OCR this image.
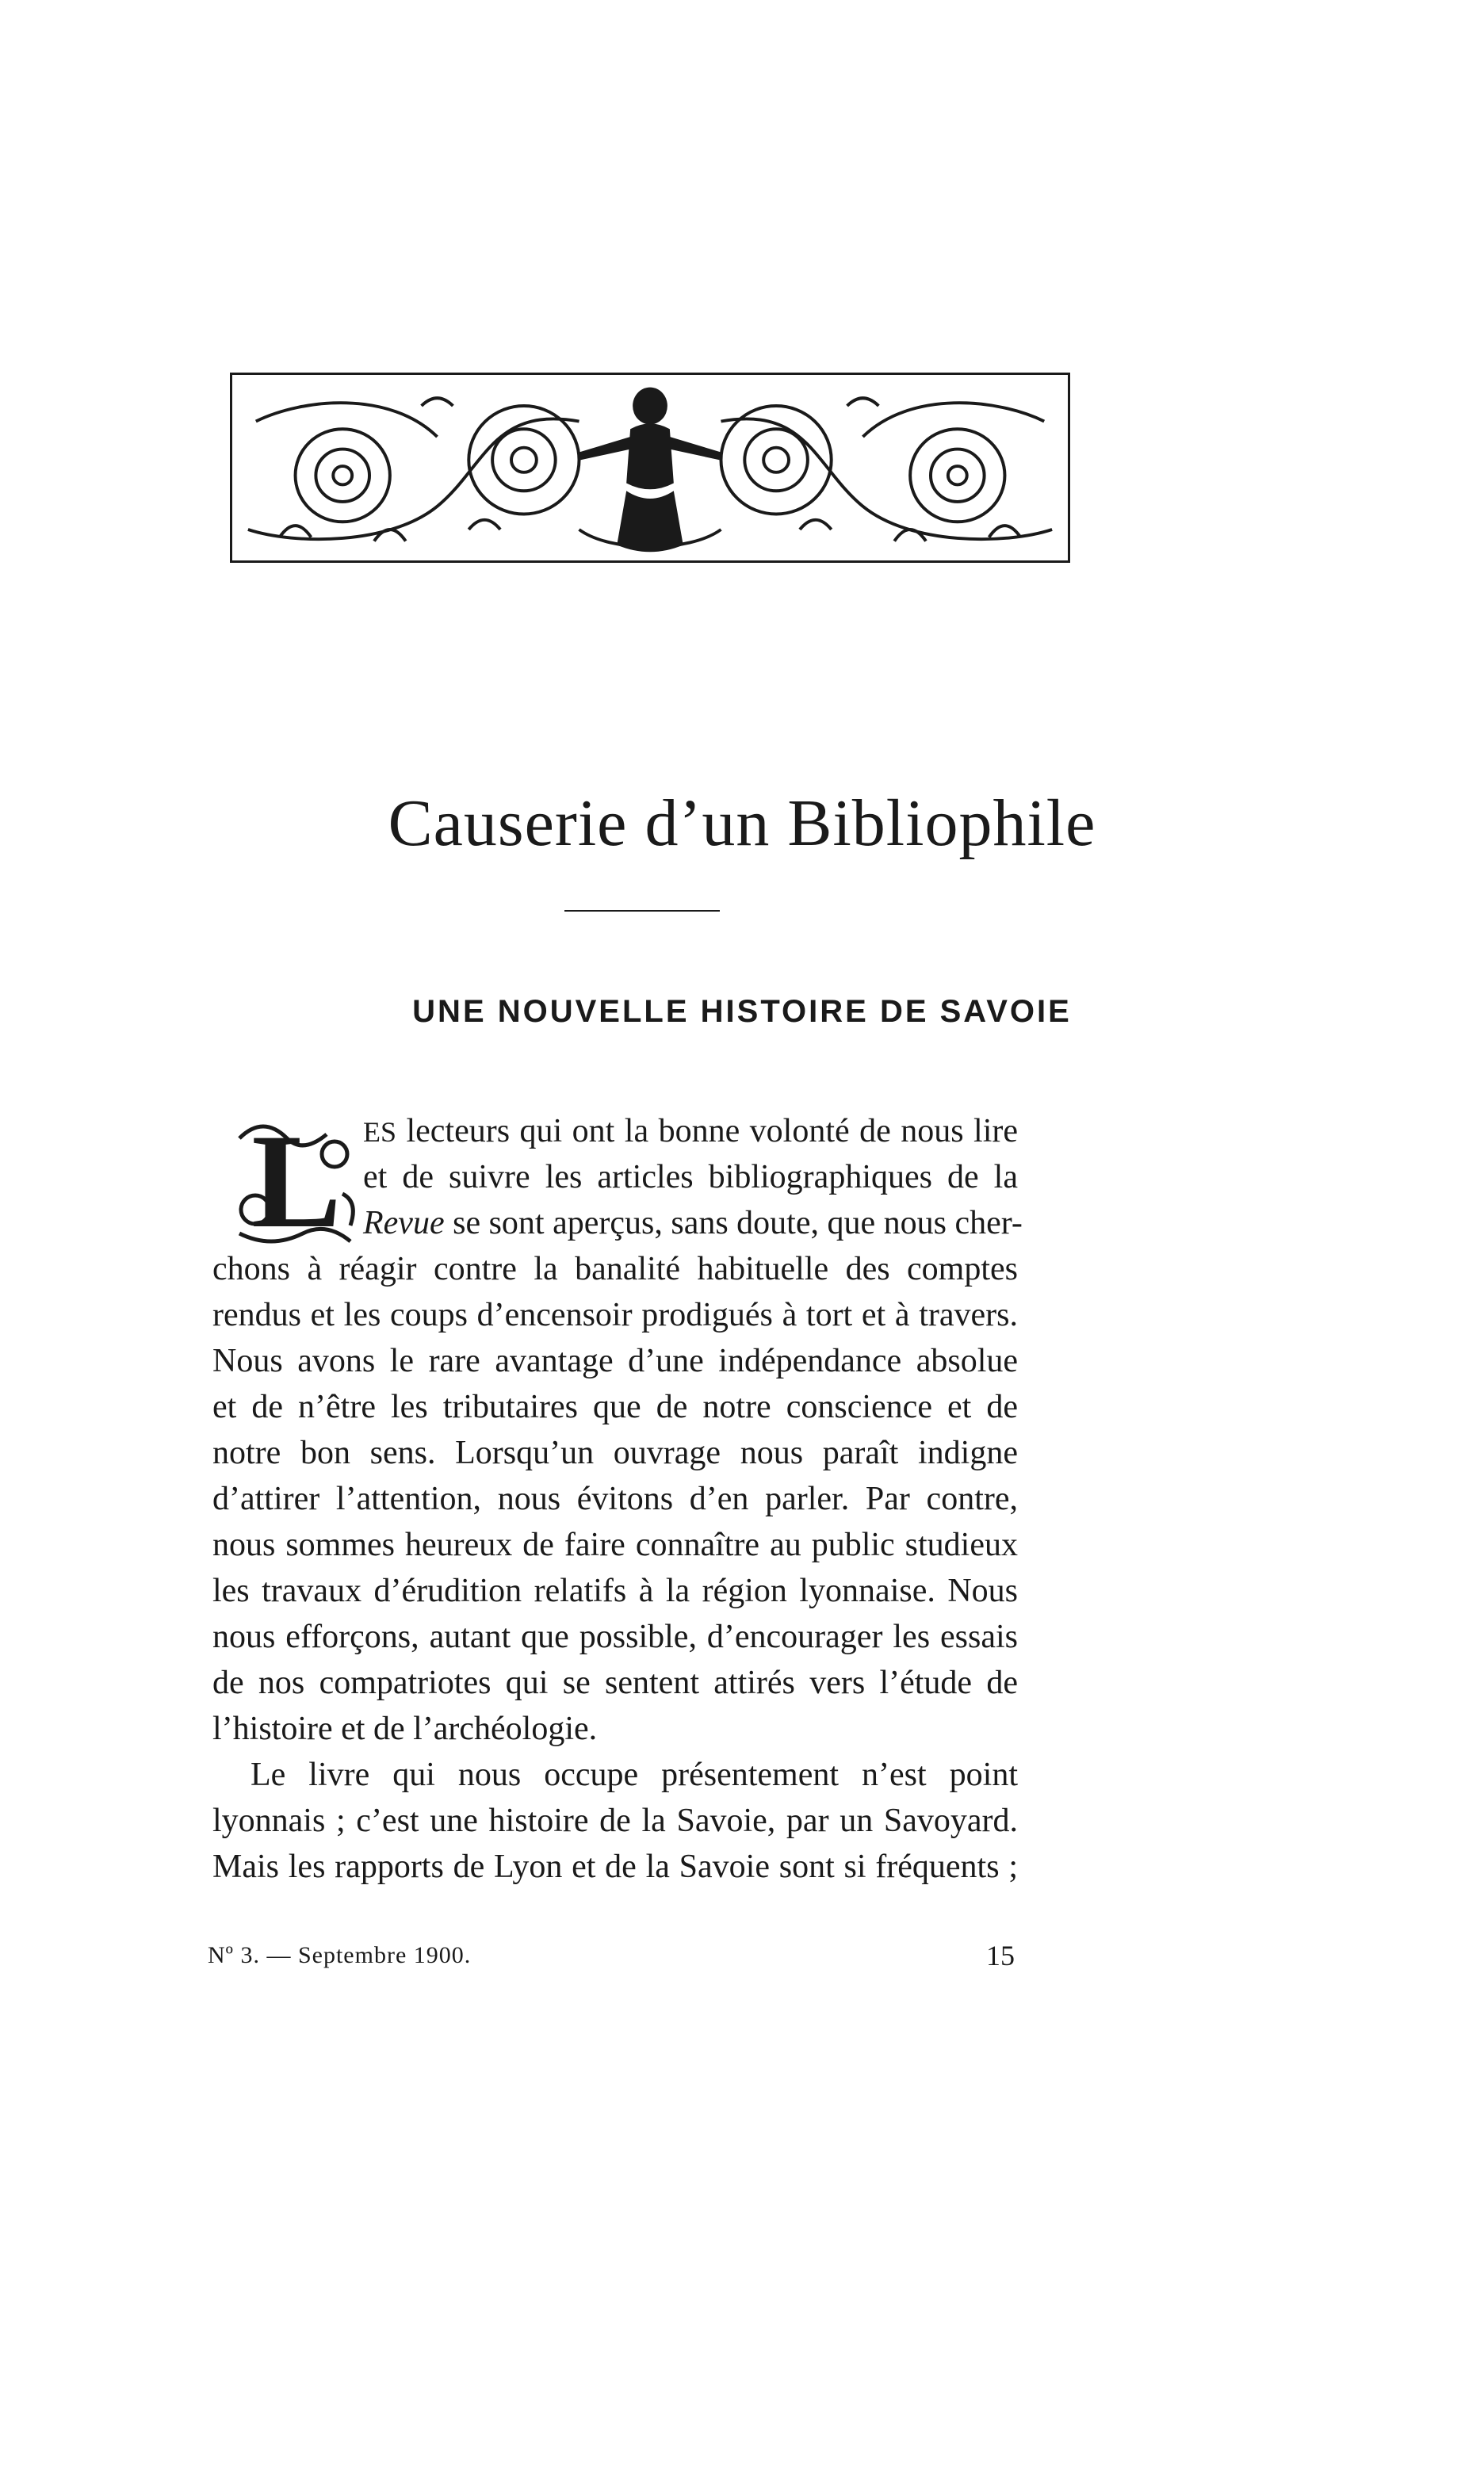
Causerie d’un Bibliophile
UNE NOUVELLE HISTOIRE DE SAVOIE
L ES lecteurs qui ont la bonne volonté de nous lire
et de suivre les articles bibliographiques de la
Revue se sont aperçus, sans doute, que nous cher-
chons à réagir contre la banalité habituelle des comptes
rendus et les coups d’encensoir prodigués à tort et à travers.
Nous avons le rare avantage d’une indépendance absolue
et de n’être les tributaires que de notre conscience et de
notre bon sens. Lorsqu’un ouvrage nous paraît indigne
d’attirer l’attention, nous évitons d’en parler. Par contre,
nous sommes heureux de faire connaître au public studieux
les travaux d’érudition relatifs à la région lyonnaise. Nous
nous efforçons, autant que possible, d’encourager les essais
de nos compatriotes qui se sentent attirés vers l’étude de
l’histoire et de l’archéologie.
Le livre qui nous occupe présentement n’est point
lyonnais ; c’est une histoire de la Savoie, par un Savoyard.
Mais les rapports de Lyon et de la Savoie sont si fréquents ;
Nº 3. — Septembre 1900.	15
